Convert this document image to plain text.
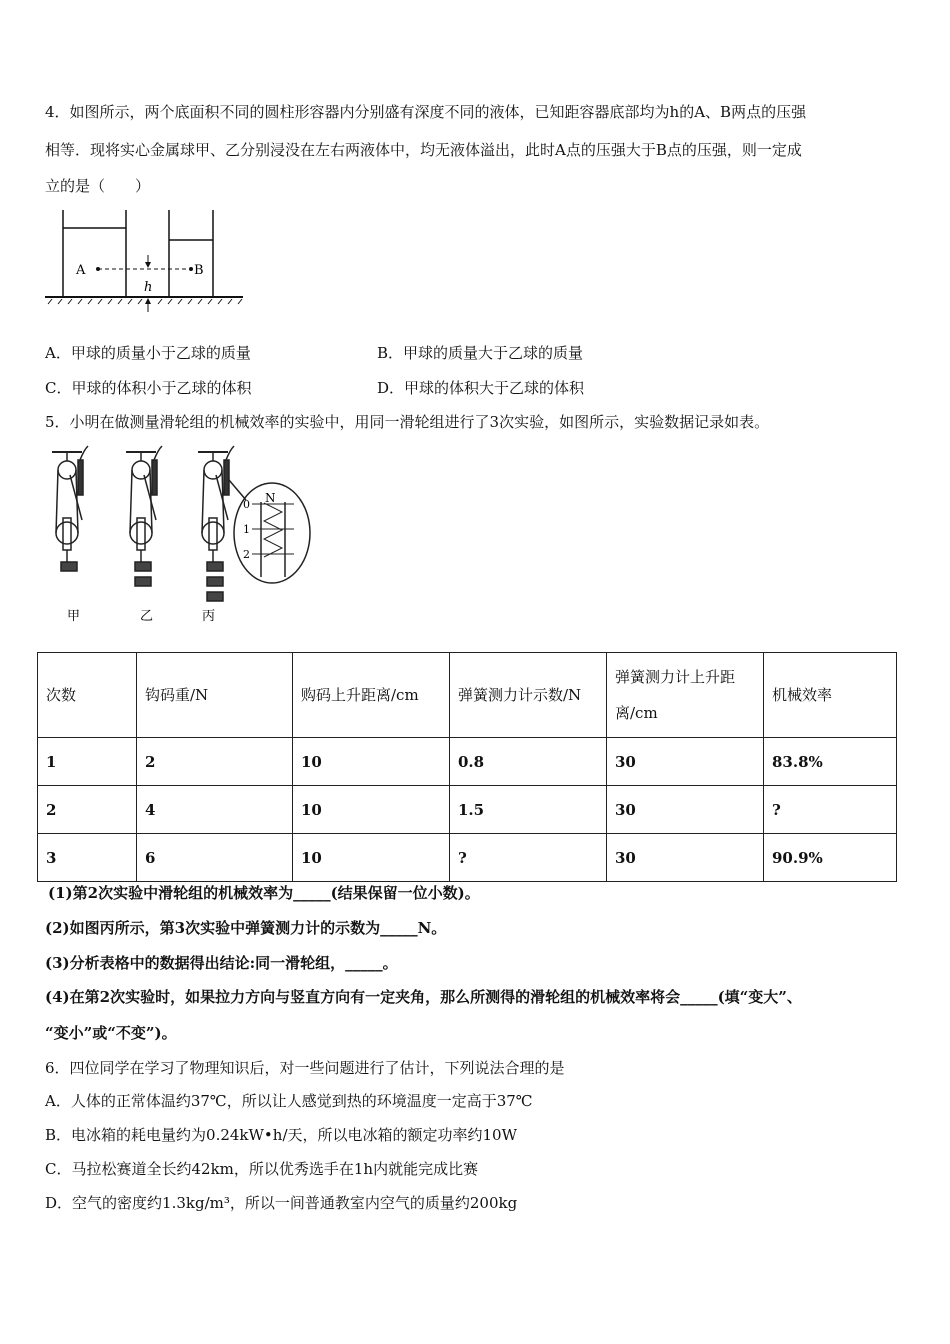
4．如图所示，两个底面积不同的圆柱形容器内分别盛有深度不同的液体，已知距容器底部均为h的A、B两点的压强
相等．现将实心金属球甲、乙分别浸没在左右两液体中，均无液体溢出，此时A点的压强大于B点的压强，则一定成
立的是（　　）
A	B
h
A．甲球的质量小于乙球的质量	B．甲球的质量大于乙球的质量
C．甲球的体积小于乙球的体积	D．甲球的体积大于乙球的体积
5．小明在做测量滑轮组的机械效率的实验中，用同一滑轮组进行了3次实验，如图所示，实验数据记录如表。
N
0
1
2
甲	乙	丙
次数	钩码重/N	购码上升距离/cm	弹簧测力计示数/N	弹簧测力计上升距离/cm	机械效率
1	2	10	0.8	30	83.8%
2	4	10	1.5	30	?
3	6	10	?	30	90.9%
(1)第2次实验中滑轮组的机械效率为_____(结果保留一位小数)。
(2)如图丙所示，第3次实验中弹簧测力计的示数为_____N。
(3)分析表格中的数据得出结论:同一滑轮组，_____。
(4)在第2次实验时，如果拉力方向与竖直方向有一定夹角，那么所测得的滑轮组的机械效率将会_____(填“变大”、
“变小”或“不变”)。
6．四位同学在学习了物理知识后，对一些问题进行了估计，下列说法合理的是
A．人体的正常体温约37℃，所以让人感觉到热的环境温度一定高于37℃
B．电冰箱的耗电量约为0.24kW•h/天，所以电冰箱的额定功率约10W
C．马拉松赛道全长约42km，所以优秀选手在1h内就能完成比赛
D．空气的密度约1.3kg/m³，所以一间普通教室内空气的质量约200kg
